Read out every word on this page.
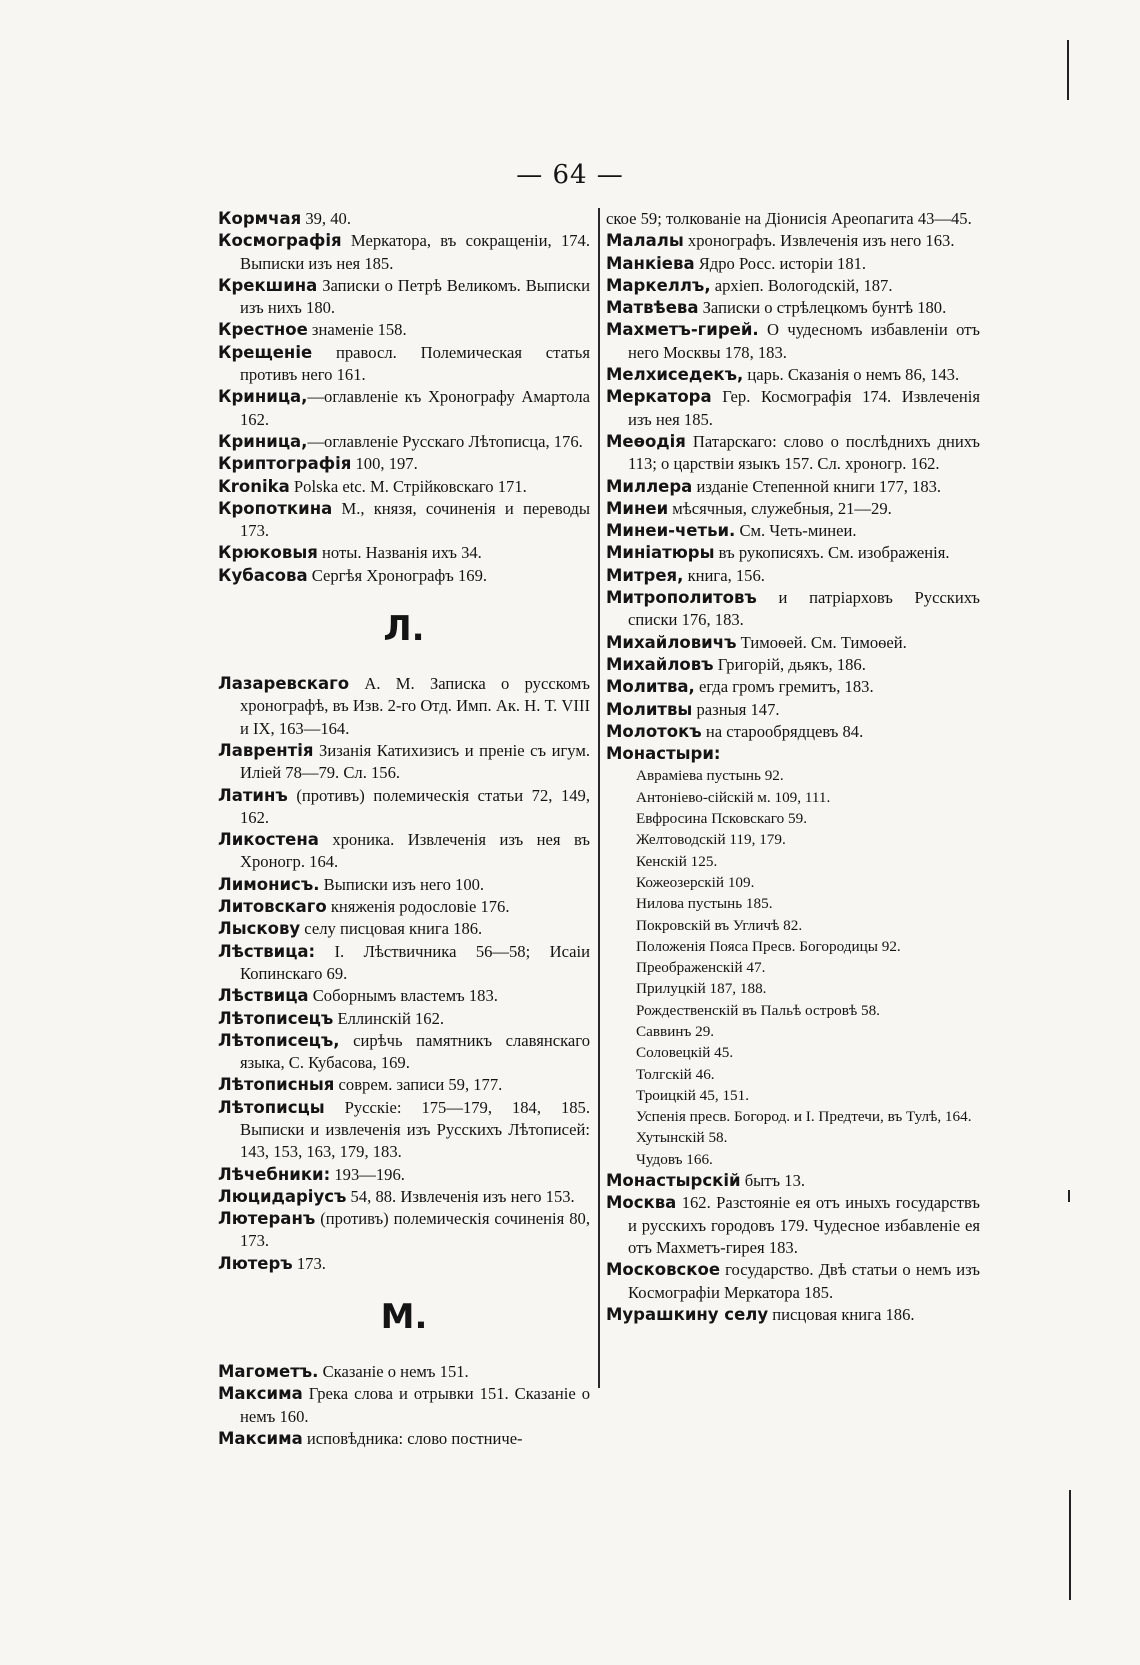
— 64 —
Кормчая 39, 40.
Космографія Меркатора, въ сокращеніи, 174. Выписки изъ нея 185.
Крекшина Записки о Петрѣ Великомъ. Выписки изъ нихъ 180.
Крестное знаменіе 158.
Крещеніе правосл. Полемическая статья противъ него 161.
Криница,—оглавленіе къ Хронографу Амартола 162.
Криница,—оглавленіе Русскаго Лѣтописца, 176.
Криптографія 100, 197.
Kronika Polska etc. М. Стрійковскаго 171.
Кропоткина М., князя, сочиненія и переводы 173.
Крюковыя ноты. Названія ихъ 34.
Кубасова Сергѣя Хронографъ 169.
Л.
Лазаревскаго А. М. Записка о русскомъ хронографѣ, въ Изв. 2-го Отд. Имп. Ак. Н. Т. VIII и IX, 163—164.
Лаврентія Зизанія Катихизисъ и преніе съ игум. Иліей 78—79. Сл. 156.
Латинъ (противъ) полемическія статьи 72, 149, 162.
Ликостена хроника. Извлеченія изъ нея въ Хроногр. 164.
Лимонисъ. Выписки изъ него 100.
Литовскаго княженія родословіе 176.
Лыскову селу писцовая книга 186.
Лѣствица: I. Лѣствичника 56—58; Исаіи Копинскаго 69.
Лѣствица Соборнымъ властемъ 183.
Лѣтописецъ Еллинскій 162.
Лѣтописецъ, сирѣчь памятникъ славянскаго языка, С. Кубасова, 169.
Лѣтописныя соврем. записи 59, 177.
Лѣтописцы Русскіе: 175—179, 184, 185. Выписки и извлеченія изъ Русскихъ Лѣтописей: 143, 153, 163, 179, 183.
Лѣчебники: 193—196.
Люцидаріусъ 54, 88. Извлеченія изъ него 153.
Лютеранъ (противъ) полемическія сочиненія 80, 173.
Лютеръ 173.
М.
Магометъ. Сказаніе о немъ 151.
Максима Грека слова и отрывки 151. Сказаніе о немъ 160.
Максима исповѣдника: слово постниче-
ское 59; толкованіе на Діонисія Ареопагита 43—45.
Малалы хронографъ. Извлеченія изъ него 163.
Манкіева Ядро Росс. исторіи 181.
Маркеллъ, архіеп. Вологодскій, 187.
Матвѣева Записки о стрѣлецкомъ бунтѣ 180.
Махметъ-гирей. О чудесномъ избавленіи отъ него Москвы 178, 183.
Мелхиседекъ, царь. Сказанія о немъ 86, 143.
Меркатора Гер. Космографія 174. Извлеченія изъ нея 185.
Меѳодія Патарскаго: слово о послѣднихъ днихъ 113; о царствіи языкъ 157. Сл. хроногр. 162.
Миллера изданіе Степенной книги 177, 183.
Минеи мѣсячныя, служебныя, 21—29.
Минеи-четьи. См. Четь-минеи.
Миніатюры въ рукописяхъ. См. изображенія.
Митрея, книга, 156.
Митрополитовъ и патріарховъ Русскихъ списки 176, 183.
Михайловичъ Тимоѳей. См. Тимоѳей.
Михайловъ Григорій, дьякъ, 186.
Молитва, егда громъ гремитъ, 183.
Молитвы разныя 147.
Молотокъ на старообрядцевъ 84.
Монастыри:
Авраміева пустынь 92.
Антоніево-сійскій м. 109, 111.
Евфросина Псковскаго 59.
Желтоводскій 119, 179.
Кенскій 125.
Кожеозерскій 109.
Нилова пустынь 185.
Покровскій въ Угличѣ 82.
Положенія Пояса Пресв. Богородицы 92.
Преображенскій 47.
Прилуцкій 187, 188.
Рождественскій въ Пальѣ островѣ 58.
Саввинъ 29.
Соловецкій 45.
Толгскій 46.
Троицкій 45, 151.
Успенія пресв. Богород. и I. Предтечи, въ Тулѣ, 164.
Хутынскій 58.
Чудовъ 166.
Монастырскій бытъ 13.
Москва 162. Разстояніе ея отъ иныхъ государствъ и русскихъ городовъ 179. Чудесное избавленіе ея отъ Махметъ-гирея 183.
Московское государство. Двѣ статьи о немъ изъ Космографіи Меркатора 185.
Мурашкину селу писцовая книга 186.
